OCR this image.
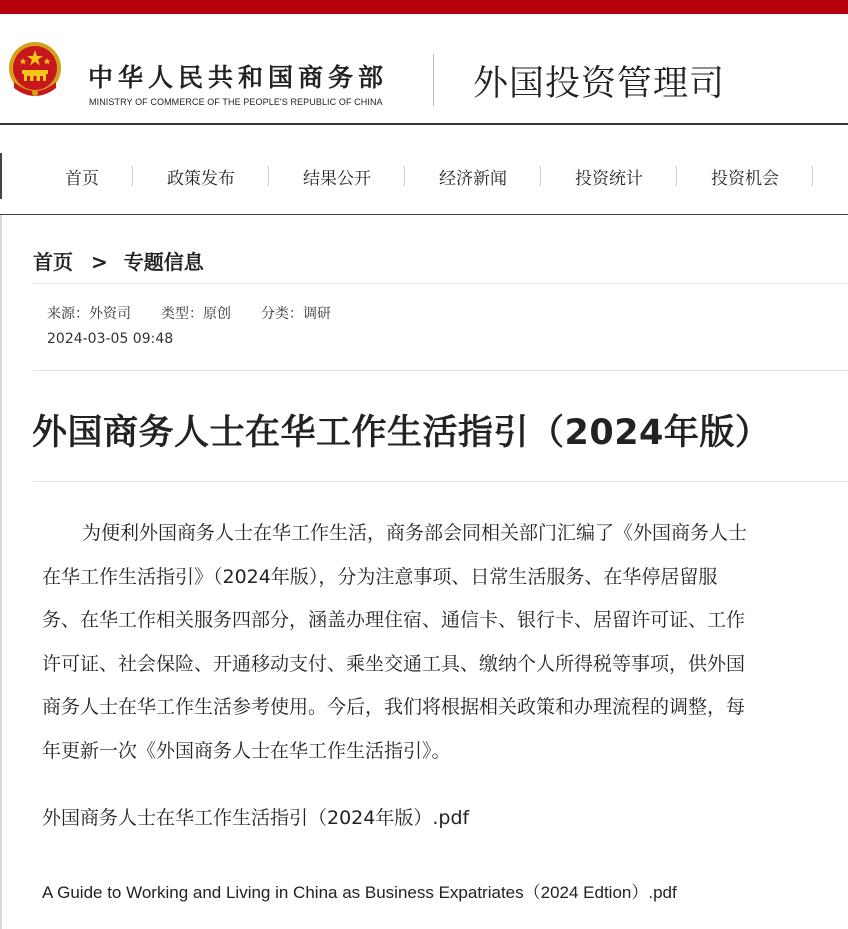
中华人民共和国商务部
MINISTRY OF COMMERCE OF THE PEOPLE'S REPUBLIC OF CHINA	外国投资管理司
首页	政策发布	结果公开	经济新闻	投资统计	投资机会
首页 > 专题信息
来源：外资司 类型：原创 分类：调研
2024-03-05 09:48
外国商务人士在华工作生活指引（2024年版）
为便利外国商务人士在华工作生活，商务部会同相关部门汇编了《外国商务人士
在华工作生活指引》（2024年版），分为注意事项、日常生活服务、在华停居留服
务、在华工作相关服务四部分，涵盖办理住宿、通信卡、银行卡、居留许可证、工作
许可证、社会保险、开通移动支付、乘坐交通工具、缴纳个人所得税等事项，供外国
商务人士在华工作生活参考使用。今后，我们将根据相关政策和办理流程的调整，每
年更新一次《外国商务人士在华工作生活指引》。
外国商务人士在华工作生活指引（2024年版）.pdf
A Guide to Working and Living in China as Business Expatriates（2024 Edtion）.pdf
